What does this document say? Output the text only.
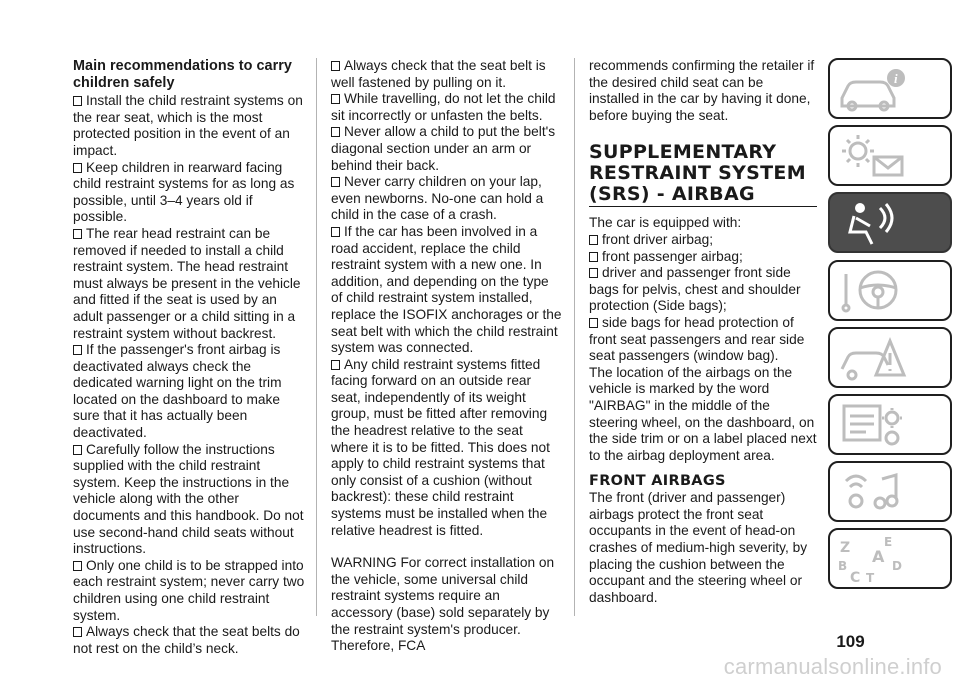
Main recommendations to carry children safely

Install the child restraint systems on the rear seat, which is the most protected position in the event of an impact.

Keep children in rearward facing child restraint systems for as long as possible, until 3–4 years old if possible.

The rear head restraint can be removed if needed to install a child restraint system. The head restraint must always be present in the vehicle and fitted if the seat is used by an adult passenger or a child sitting in a restraint system without backrest.

If the passenger's front airbag is deactivated always check the dedicated warning light on the trim located on the dashboard to make sure that it has actually been deactivated.

Carefully follow the instructions supplied with the child restraint system. Keep the instructions in the vehicle along with the other documents and this handbook. Do not use second-hand child seats without instructions.

Only one child is to be strapped into each restraint system; never carry two children using one child restraint system.

Always check that the seat belts do not rest on the child’s neck.

Always check that the seat belt is well fastened by pulling on it.

While travelling, do not let the child sit incorrectly or unfasten the belts.

Never allow a child to put the belt's diagonal section under an arm or behind their back.

Never carry children on your lap, even newborns. No-one can hold a child in the case of a crash.

If the car has been involved in a road accident, replace the child restraint system with a new one. In addition, and depending on the type of child restraint system installed, replace the ISOFIX anchorages or the seat belt with which the child restraint system was connected.

Any child restraint systems fitted facing forward on an outside rear seat, independently of its weight group, must be fitted after removing the headrest relative to the seat where it is to be fitted. This does not apply to child restraint systems that only consist of a cushion (without backrest): these child restraint systems must be installed when the relative headrest is fitted.

WARNING For correct installation on the vehicle, some universal child restraint systems require an accessory (base) sold separately by the restraint system's producer. Therefore, FCA

recommends confirming the retailer if the desired child seat can be installed in the car by having it done, before buying the seat.

SUPPLEMENTARY RESTRAINT SYSTEM (SRS) - AIRBAG

The car is equipped with:

front driver airbag;

front passenger airbag;

driver and passenger front side bags for pelvis, chest and shoulder protection (Side bags);

side bags for head protection of front seat passengers and rear side seat passengers (window bag).

The location of the airbags on the vehicle is marked by the word "AIRBAG" in the middle of the steering wheel, on the dashboard, on the side trim or on a label placed next to the airbag deployment area.

FRONT AIRBAGS

The front (driver and passenger) airbags protect the front seat occupants in the event of head-on crashes of medium-high severity, by placing the cushion between the occupant and the steering wheel or dashboard.

i
Z	E
A
B	D
C T
109
carmanualsonline.info
